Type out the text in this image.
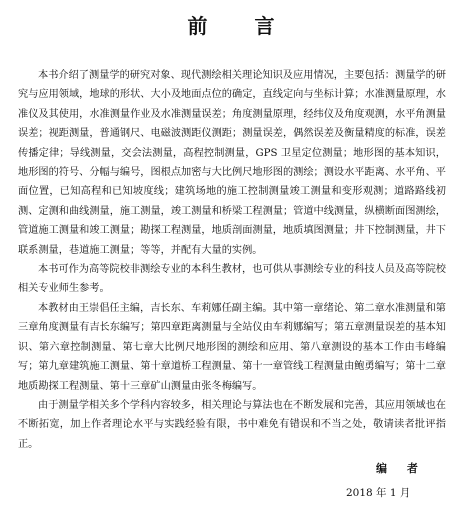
前 言

本书介绍了测量学的研究对象、现代测绘相关理论知识及应用情况，主要包括：测量学的研究与应用领域，地球的形状、大小及地面点位的确定，直线定向与坐标计算；水准测量原理，水准仪及其使用，水准测量作业及水准测量误差；角度测量原理，经纬仪及角度观测，水平角测量误差；视距测量，普通钢尺、电磁波测距仪测距；测量误差，偶然误差及衡量精度的标准，误差传播定律；导线测量，交会法测量，高程控制测量，GPS 卫星定位测量；地形图的基本知识，地形图的符号、分幅与编号，图根点加密与大比例尺地形图的测绘；测设水平距离、水平角、平面位置，已知高程和已知坡度线；建筑场地的施工控制测量竣工测量和变形观测；道路路线初测、定测和曲线测量，施工测量，竣工测量和桥梁工程测量；管道中线测量，纵横断面图测绘，管道施工测量和竣工测量；勘探工程测量，地质剖面测量，地质填图测量；井下控制测量，井下联系测量，巷道施工测量；等等，并配有大量的实例。

本书可作为高等院校非测绘专业的本科生教材，也可供从事测绘专业的科技人员及高等院校相关专业师生参考。

本教材由王崇倡任主编，吉长东、车莉娜任副主编。其中第一章绪论、第二章水准测量和第三章角度测量有吉长东编写；第四章距离测量与全站仪由车莉娜编写；第五章测量误差的基本知识、第六章控制测量、第七章大比例尺地形图的测绘和应用、第八章测设的基本工作由韦峰编写；第九章建筑施工测量、第十章道桥工程测量、第十一章管线工程测量由鲍勇编写；第十二章地质勘探工程测量、第十三章矿山测量由张冬梅编写。

由于测量学相关多个学科内容较多，相关理论与算法也在不断发展和完善，其应用领域也在不断拓宽，加上作者理论水平与实践经验有限，书中难免有错误和不当之处，敬请读者批评指正。

编 者
2018 年 1 月
